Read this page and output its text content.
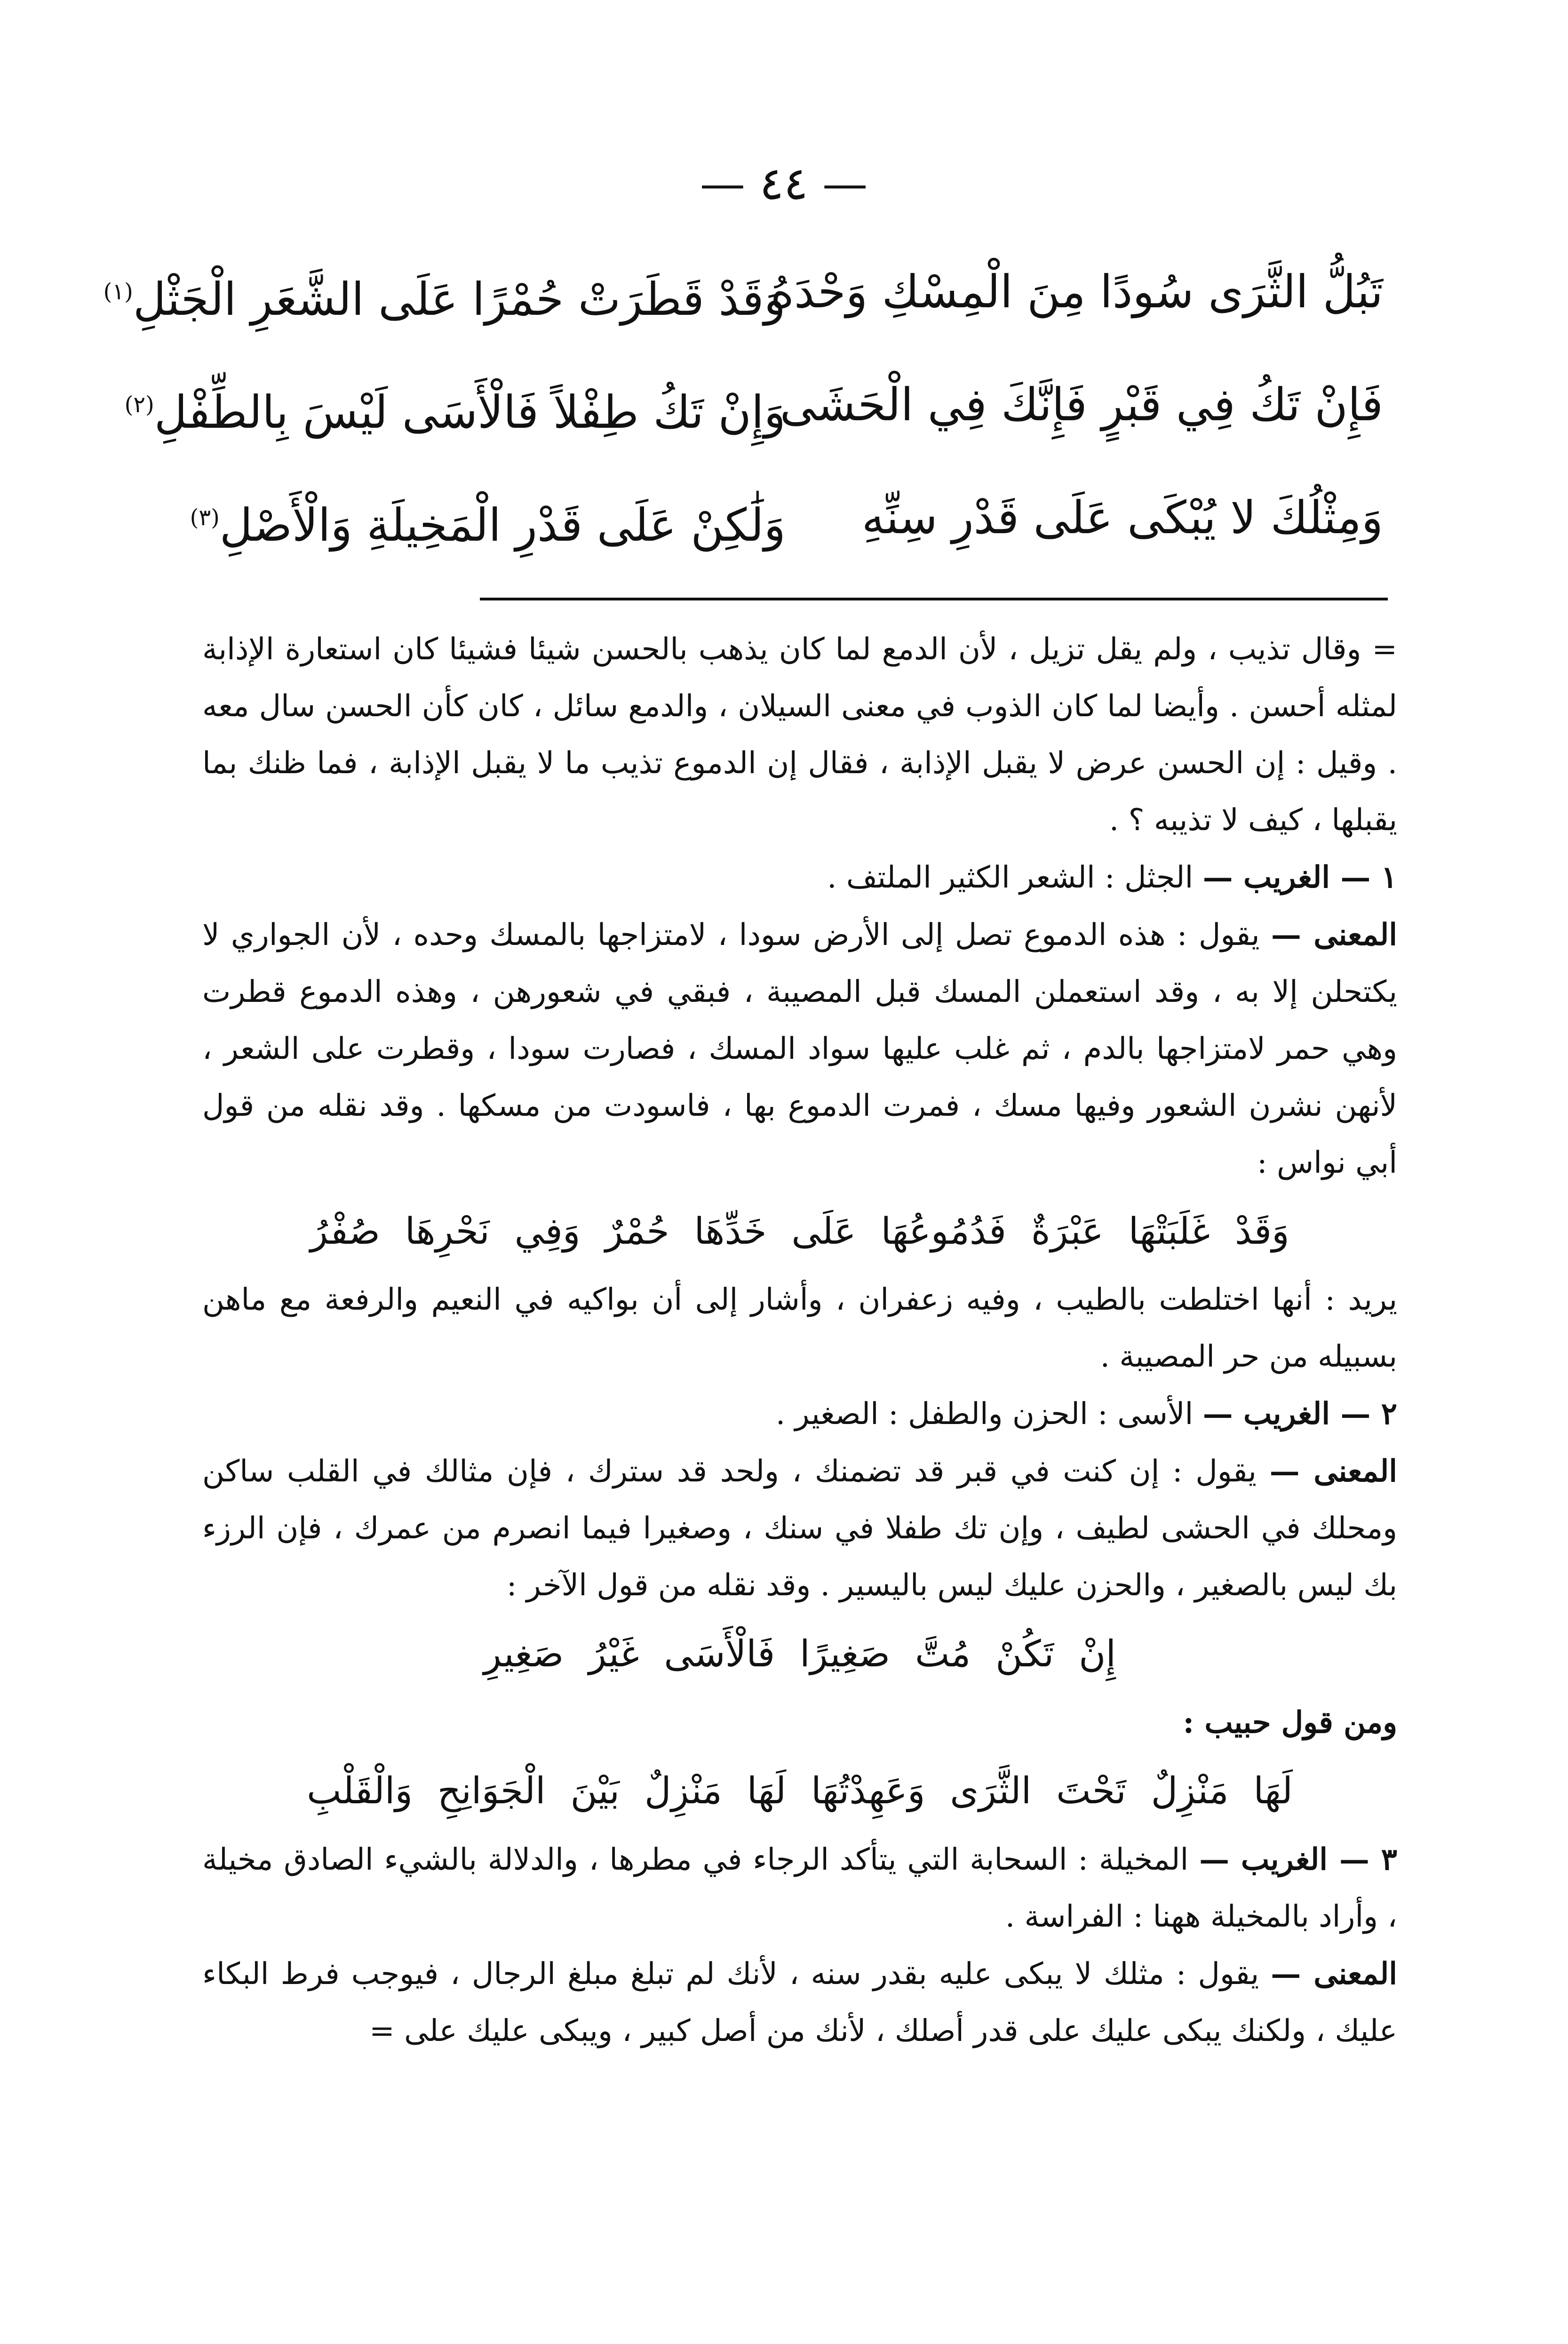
— ٤٤ —
تَبُلُّ الثَّرَى سُودًا مِنَ الْمِسْكِ وَحْدَهُ
وَقَدْ قَطَرَتْ حُمْرًا عَلَى الشَّعَرِ الْجَثْلِ$^{(١)}$
فَإِنْ تَكُ فِي قَبْرٍ فَإِنَّكَ فِي الْحَشَى
وَإِنْ تَكُ طِفْلاً فَالْأَسَى لَيْسَ بِالطِّفْلِ$^{(٢)}$
وَمِثْلُكَ لا يُبْكَى عَلَى قَدْرِ سِنِّهِ
وَلَٰكِنْ عَلَى قَدْرِ الْمَخِيلَةِ وَالْأَصْلِ$^{(٣)}$

= وقال تذيب ، ولم يقل تزيل ، لأن الدمع لما كان يذهب بالحسن شيئا فشيئا كان استعارة الإذابة لمثله أحسن . وأيضا لما كان الذوب في معنى السيلان ، والدمع سائل ، كان كأن الحسن سال معه . وقيل : إن الحسن عرض لا يقبل الإذابة ، فقال إن الدموع تذيب ما لا يقبل الإذابة ، فما ظنك بما يقبلها ، كيف لا تذيبه ؟ .

١ — الغريب — الجثل : الشعر الكثير الملتف .

المعنى — يقول : هذه الدموع تصل إلى الأرض سودا ، لامتزاجها بالمسك وحده ، لأن الجواري لا يكتحلن إلا به ، وقد استعملن المسك قبل المصيبة ، فبقي في شعورهن ، وهذه الدموع قطرت وهي حمر لامتزاجها بالدم ، ثم غلب عليها سواد المسك ، فصارت سودا ، وقطرت على الشعر ، لأنهن نشرن الشعور وفيها مسك ، فمرت الدموع بها ، فاسودت من مسكها . وقد نقله من قول أبي نواس :

وَقَدْ غَلَبَتْهَا عَبْرَةٌ فَدُمُوعُهَا عَلَى خَدِّهَا حُمْرٌ وَفِي نَحْرِهَا صُفْرُ

يريد : أنها اختلطت بالطيب ، وفيه زعفران ، وأشار إلى أن بواكيه في النعيم والرفعة مع ماهن بسبيله من حر المصيبة .

٢ — الغريب — الأسى : الحزن والطفل : الصغير .

المعنى — يقول : إن كنت في قبر قد تضمنك ، ولحد قد سترك ، فإن مثالك في القلب ساكن ومحلك في الحشى لطيف ، وإن تك طفلا في سنك ، وصغيرا فيما انصرم من عمرك ، فإن الرزء بك ليس بالصغير ، والحزن عليك ليس باليسير . وقد نقله من قول الآخر :

إِنْ تَكُنْ مُتَّ صَغِيرًا فَالْأَسَى غَيْرُ صَغِيرِ

ومن قول حبيب :

لَهَا مَنْزِلٌ تَحْتَ الثَّرَى وَعَهِدْتُهَا لَهَا مَنْزِلٌ بَيْنَ الْجَوَانِحِ وَالْقَلْبِ

٣ — الغريب — المخيلة : السحابة التي يتأكد الرجاء في مطرها ، والدلالة بالشيء الصادق مخيلة ، وأراد بالمخيلة ههنا : الفراسة .

المعنى — يقول : مثلك لا يبكى عليه بقدر سنه ، لأنك لم تبلغ مبلغ الرجال ، فيوجب فرط البكاء عليك ، ولكنك يبكى عليك على قدر أصلك ، لأنك من أصل كبير ، ويبكى عليك على =
